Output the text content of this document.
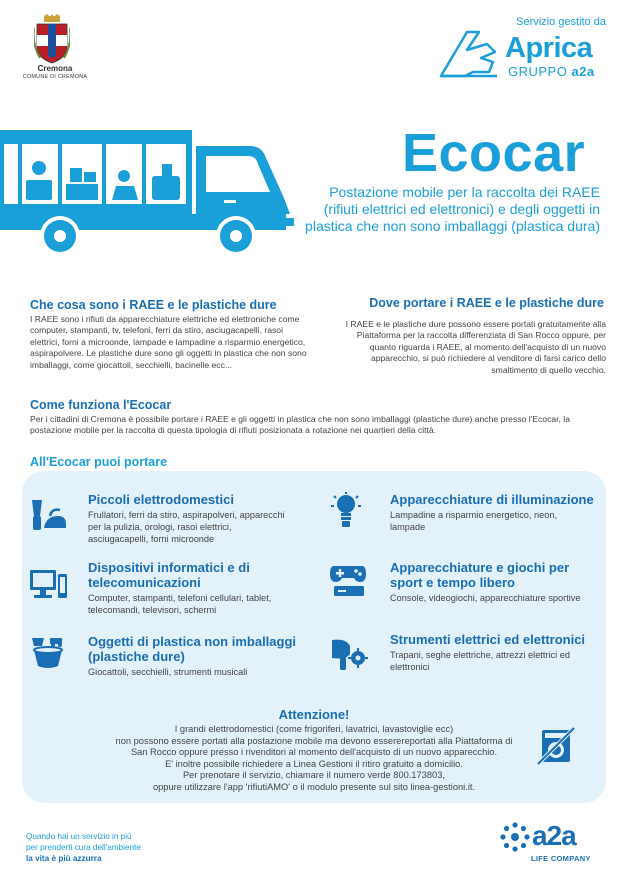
Cremona
COMUNE DI CREMONA
Servizio gestito da
Aprica
GRUPPO a2a
Ecocar
Postazione mobile per la raccolta dei RAEE (rifiuti elettrici ed elettronici) e degli oggetti in plastica che non sono imballaggi (plastica dura)
Che cosa sono i RAEE e le plastiche dure
I RAEE sono i rifiuti da apparecchiature elettriche ed elettroniche come computer, stampanti, tv, telefoni, ferri da stiro, asciugacapelli, rasoi elettrici, forni a microonde, lampade e lampadine a risparmio energetico, aspirapolvere. Le plastiche dure sono gli oggetti in plastica che non sono imballaggi, come giocattoli, secchielli, bacinelle ecc...
Dove portare i RAEE e le plastiche dure
I RAEE e le plastiche dure possono essere portati gratuitamente alla Piattaforma per la raccolta differenziata di San Rocco oppure, per quanto riguarda i RAEE, al momento dell'acquisto di un nuovo apparecchio, si può richiedere al venditore di farsi carico dello smaltimento di quello vecchio.
Come funziona l'Ecocar
Per i cittadini di Cremona è possibile portare i RAEE e gli oggetti in plastica che non sono imballaggi (plastiche dure) anche presso l'Ecocar, la postazione mobile per la raccolta di questa tipologia di rifiuti posizionata a rotazione nei quartieri della città.
All'Ecocar puoi portare
Piccoli elettrodomestici
Frullatori, ferri da stiro, aspirapolveri, apparecchi per la pulizia, orologi, rasoi elettrici, asciugacapelli, forni microonde
Apparecchiature di illuminazione
Lampadine a risparmio energetico, neon, lampade
Dispositivi informatici e di telecomunicazioni
Computer, stampanti, telefoni cellulari, tablet, telecomandi, televisori, schermi
Apparecchiature e giochi per sport e tempo libero
Console, videogiochi, apparecchiature sportive
Oggetti di plastica non imballaggi (plastiche dure)
Giocattoli, secchielli, strumenti musicali
Strumenti elettrici ed elettronici
Trapani, seghe elettriche, attrezzi elettrici ed elettronici
Attenzione!
I grandi elettrodomestici (come frigoriferi, lavatrici, lavastoviglie ecc)
non possono essere portati alla postazione mobile ma devono esserereportati alla Piattaforma di
San Rocco oppure presso i rivenditori al momento dell'acquisto di un nuovo apparecchio.
E' inoltre possibile richiedere a Linea Gestioni il ritiro gratuito a domicilio.
Per prenotare il servizio, chiamare il numero verde 800.173803,
oppure utilizzare l'app 'rifiutiAMO' o il modulo presente sul sito linea-gestioni.it.
Quando hai un servizio in più
per prenderti cura dell'ambiente
la vita è più azzurra
a2a
LIFE COMPANY
